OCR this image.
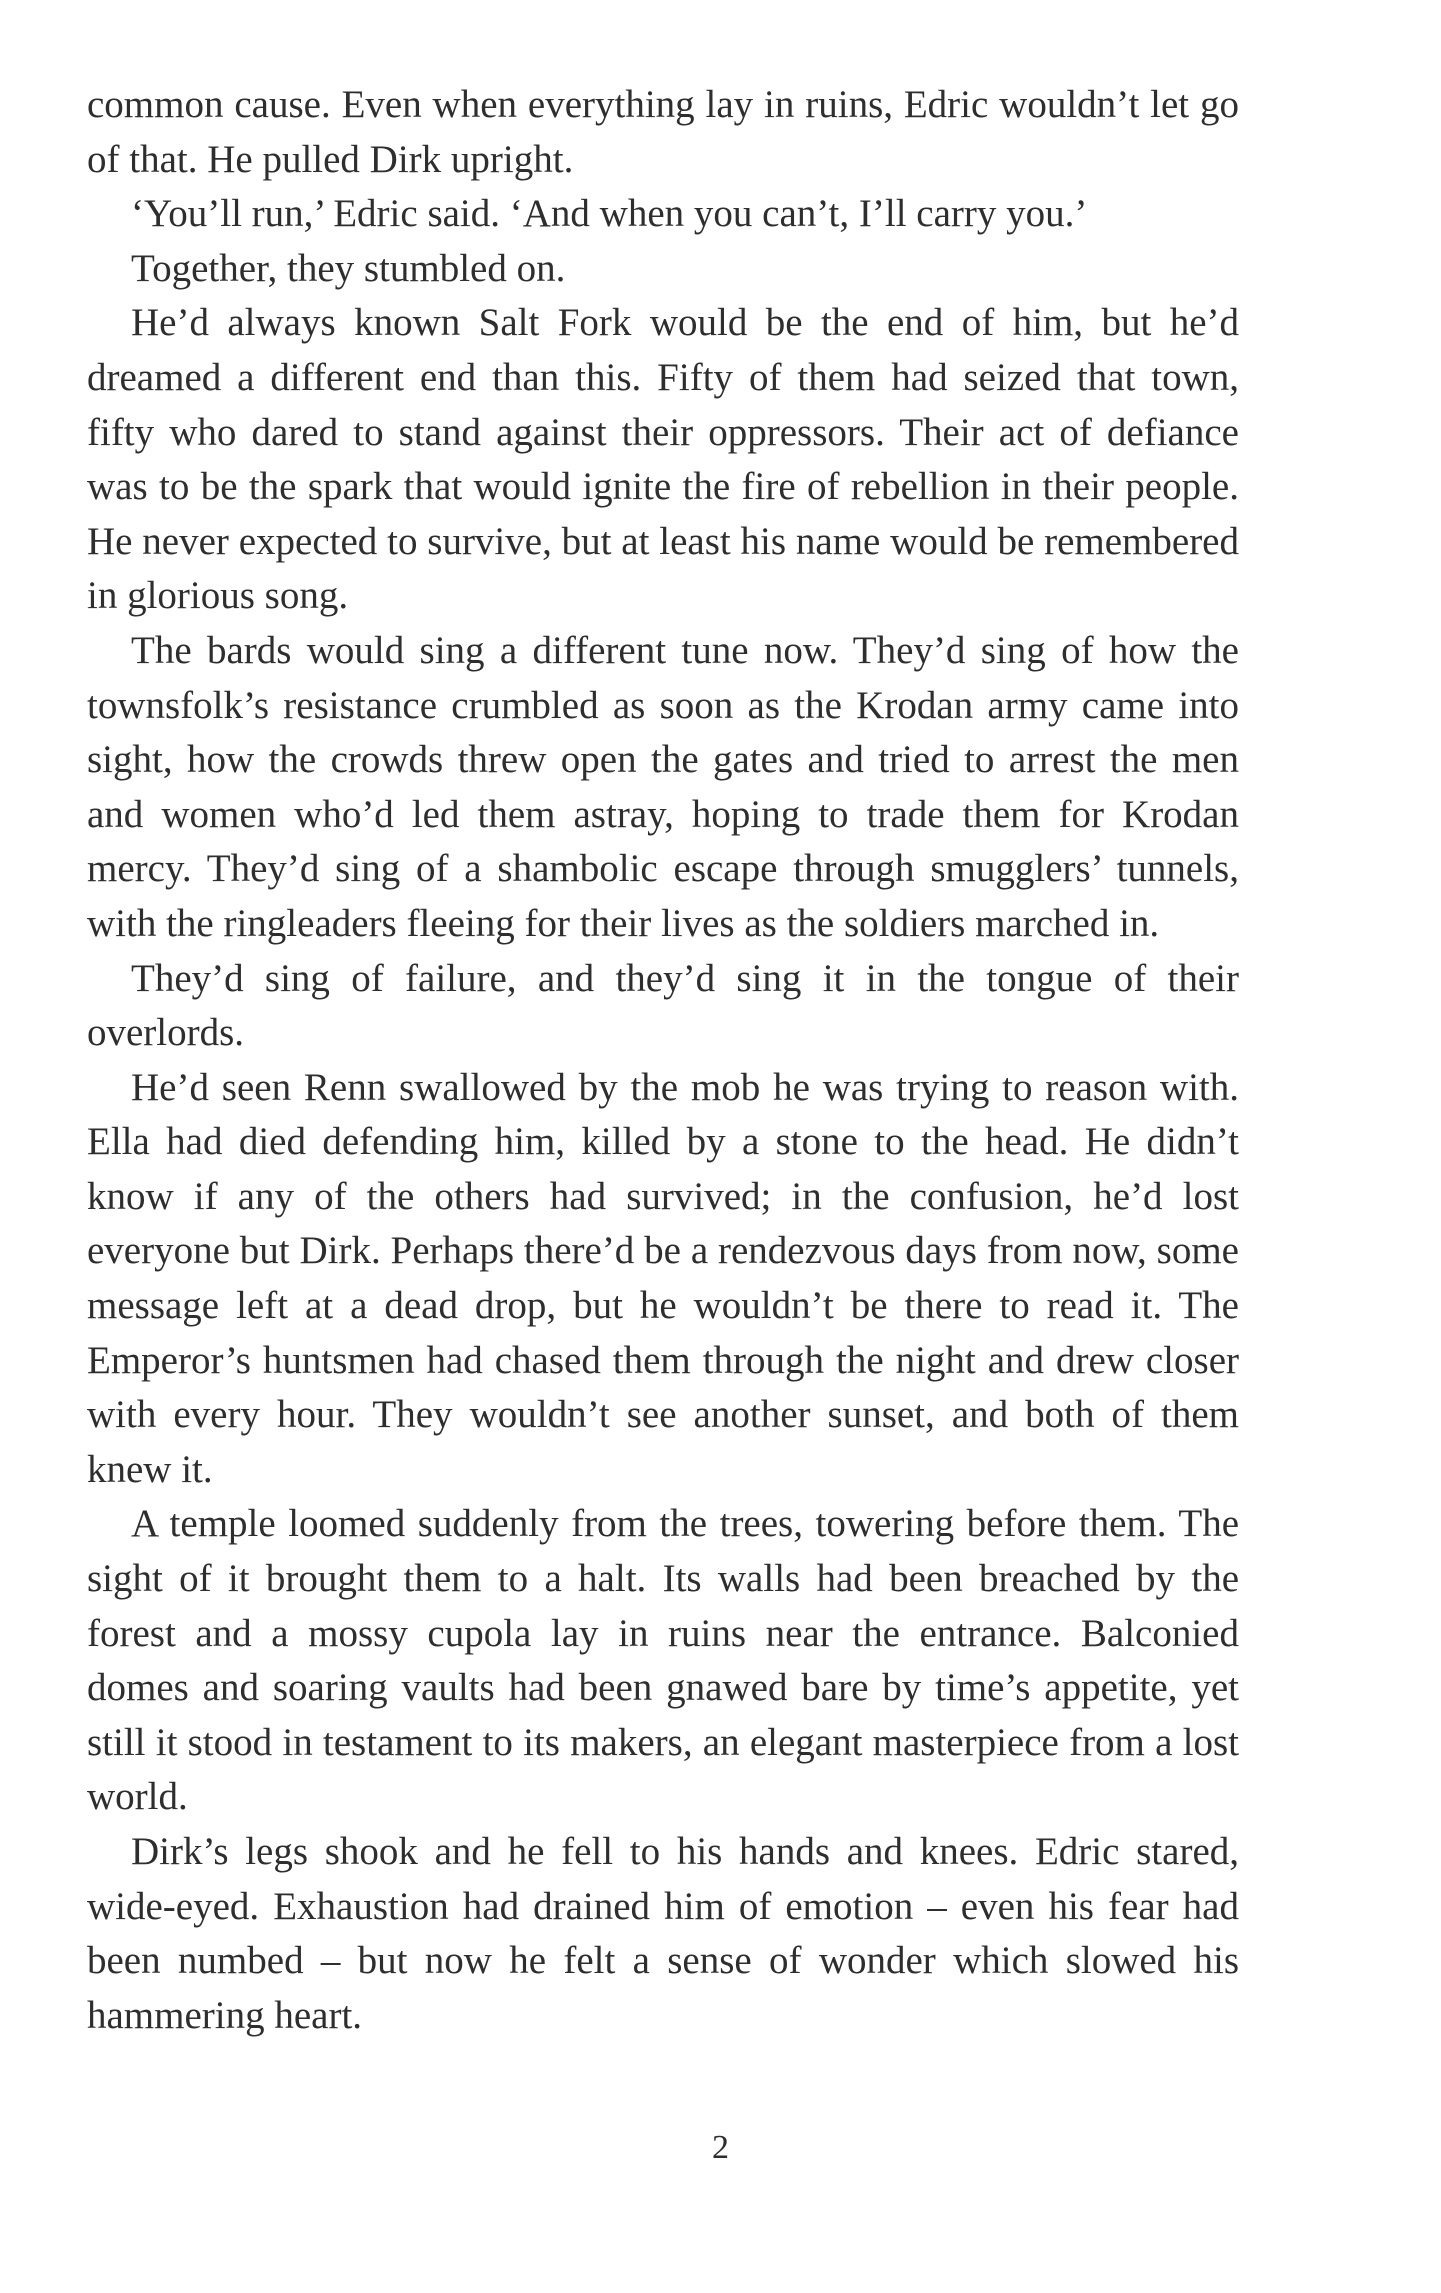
common cause. Even when everything lay in ruins, Edric wouldn’t let go of that. He pulled Dirk upright.

‘You’ll run,’ Edric said. ‘And when you can’t, I’ll carry you.’

Together, they stumbled on.

He’d always known Salt Fork would be the end of him, but he’d dreamed a different end than this. Fifty of them had seized that town, fifty who dared to stand against their oppressors. Their act of defiance was to be the spark that would ignite the fire of rebellion in their people. He never expected to survive, but at least his name would be remembered in glorious song.

The bards would sing a different tune now. They’d sing of how the townsfolk’s resistance crumbled as soon as the Krodan army came into sight, how the crowds threw open the gates and tried to arrest the men and women who’d led them astray, hoping to trade them for Krodan mercy. They’d sing of a shambolic escape through smugglers’ tunnels, with the ringleaders fleeing for their lives as the soldiers marched in.

They’d sing of failure, and they’d sing it in the tongue of their overlords.

He’d seen Renn swallowed by the mob he was trying to reason with. Ella had died defending him, killed by a stone to the head. He didn’t know if any of the others had survived; in the confusion, he’d lost everyone but Dirk. Perhaps there’d be a rendezvous days from now, some message left at a dead drop, but he wouldn’t be there to read it. The Emperor’s huntsmen had chased them through the night and drew closer with every hour. They wouldn’t see another sunset, and both of them knew it.

A temple loomed suddenly from the trees, towering before them. The sight of it brought them to a halt. Its walls had been breached by the forest and a mossy cupola lay in ruins near the entrance. Balconied domes and soaring vaults had been gnawed bare by time’s appetite, yet still it stood in testament to its makers, an elegant masterpiece from a lost world.

Dirk’s legs shook and he fell to his hands and knees. Edric stared, wide-eyed. Exhaustion had drained him of emotion – even his fear had been numbed – but now he felt a sense of wonder which slowed his hammering heart.

2
